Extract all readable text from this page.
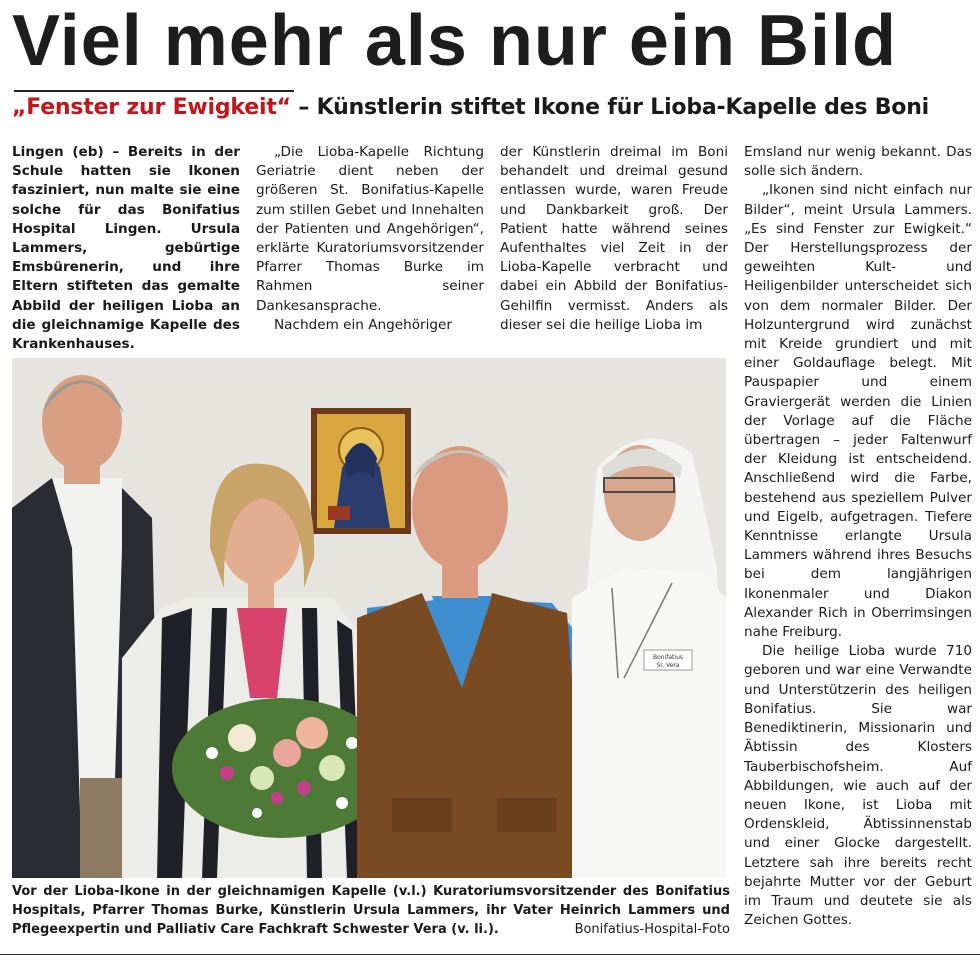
Viel mehr als nur ein Bild
„Fenster zur Ewigkeit“ – Künstlerin stiftet Ikone für Lioba-Kapelle des Boni

Lingen (eb) – Bereits in der Schule hatten sie Ikonen fasziniert, nun malte sie eine solche für das Bonifatius Hospital Lingen. Ursula Lammers, gebürtige Emsbürenerin, und ihre Eltern stifteten das gemalte Abbild der heiligen Lioba an die gleichnamige Kapelle des Krankenhauses.

„Die Lioba-Kapelle Richtung Geriatrie dient neben der größeren St. Bonifatius-Kapelle zum stillen Gebet und Innehalten der Patienten und Angehörigen“, erklärte Kuratoriumsvorsitzender Pfarrer Thomas Burke im Rahmen seiner Dankesansprache.

Nachdem ein Angehöriger

der Künstlerin dreimal im Boni behandelt und dreimal gesund entlassen wurde, waren Freude und Dankbarkeit groß. Der Patient hatte während seines Aufenthaltes viel Zeit in der Lioba-Kapelle verbracht und dabei ein Abbild der Bonifatius-Gehilfin vermisst. Anders als dieser sei die heilige Lioba im

Emsland nur wenig bekannt. Das solle sich ändern.

„Ikonen sind nicht einfach nur Bilder“, meint Ursula Lammers. „Es sind Fenster zur Ewigkeit.“ Der Herstellungsprozess der geweihten Kult- und Heiligenbilder unterscheidet sich von dem normaler Bilder. Der Holzuntergrund wird zunächst mit Kreide grundiert und mit einer Goldauflage belegt. Mit Pauspapier und einem Graviergerät werden die Linien der Vorlage auf die Fläche übertragen – jeder Faltenwurf der Kleidung ist entscheidend. Anschließend wird die Farbe, bestehend aus speziellem Pulver und Eigelb, aufgetragen. Tiefere Kenntnisse erlangte Ursula Lammers während ihres Besuchs bei dem langjährigen Ikonenmaler und Diakon Alexander Rich in Oberrimsingen nahe Freiburg.

Die heilige Lioba wurde 710 geboren und war eine Verwandte und Unterstützerin des heiligen Bonifatius. Sie war Benediktinerin, Missionarin und Äbtissin des Klosters Tauberbischofsheim. Auf Abbildungen, wie auch auf der neuen Ikone, ist Lioba mit Ordenskleid, Äbtissinnenstab und einer Glocke dargestellt. Letztere sah ihre bereits recht bejahrte Mutter vor der Geburt im Traum und deutete sie als Zeichen Gottes.

Bonifatius
Sr. Vera
Vor der Lioba-Ikone in der gleichnamigen Kapelle (v.l.) Kuratoriumsvorsitzender des Bonifatius Hospitals, Pfarrer Thomas Burke, Künstlerin Ursula Lammers, ihr Vater Heinrich Lammers und Pflegeexpertin und Palliativ Care Fachkraft Schwester Vera (v. li.).	Bonifatius-Hospital-Foto
